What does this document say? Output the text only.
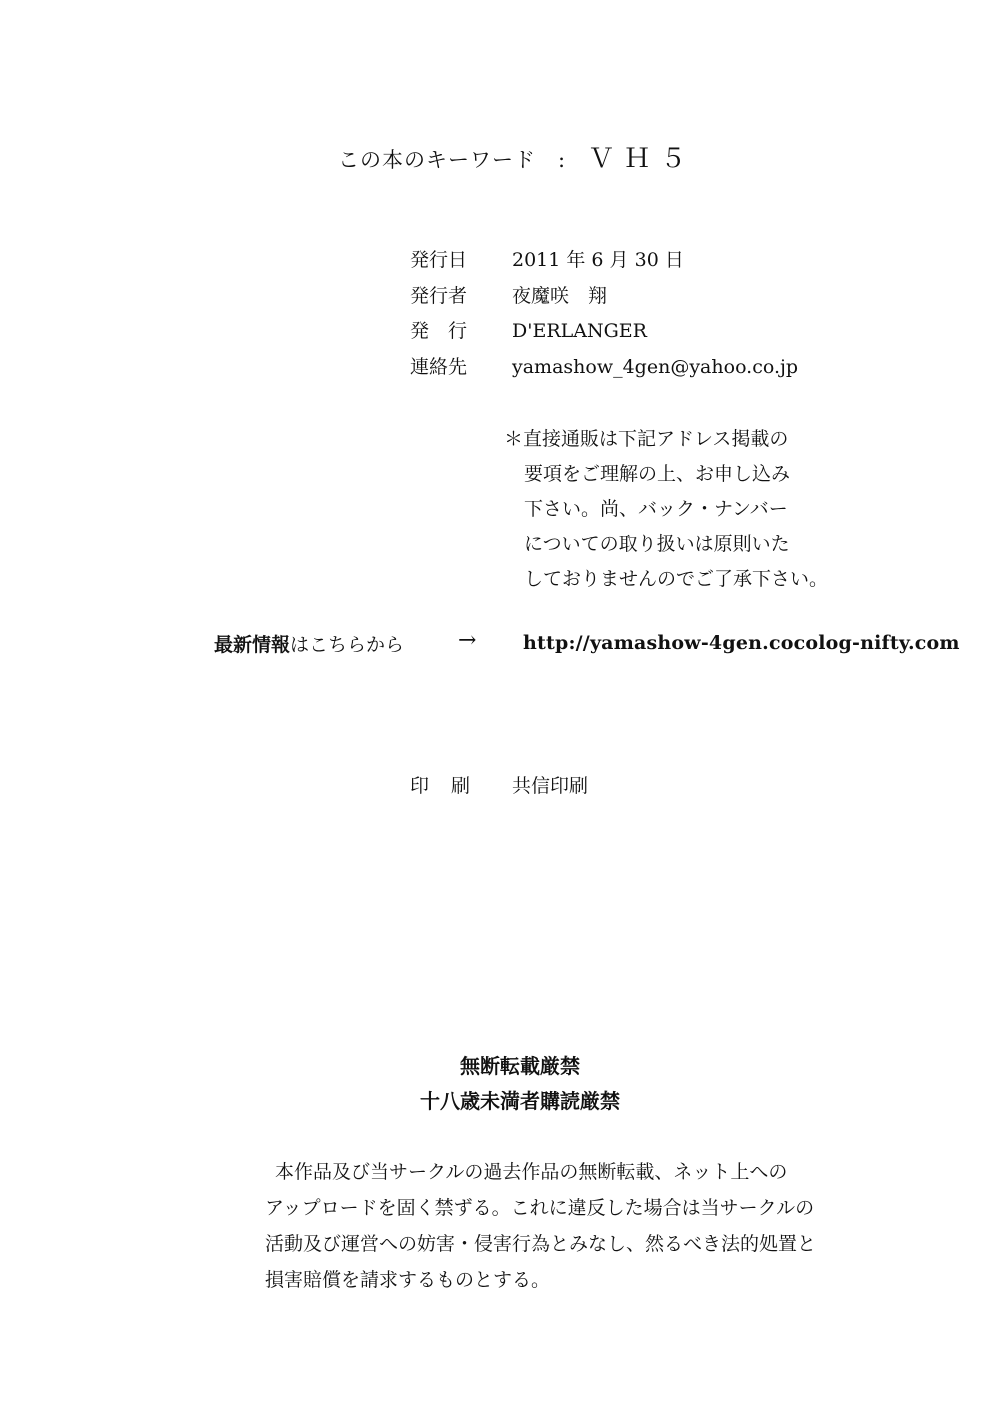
この本のキーワード : ＶＨ５
発行日	2011 年 6 月 30 日
発行者	夜魔咲　翔
発　行	D'ERLANGER
連絡先	yamashow_4gen@yahoo.co.jp
＊直接通販は下記アドレス掲載の
要項をご理解の上、お申し込み
下さい。尚、バック・ナンバー
についての取り扱いは原則いた
しておりませんのでご了承下さい。
最新情報はこちらから → http://yamashow-4gen.cocolog-nifty.com
印刷	共信印刷
無断転載厳禁
十八歳未満者購読厳禁
本作品及び当サークルの過去作品の無断転載、ネット上への
アップロードを固く禁ずる。これに違反した場合は当サークルの
活動及び運営への妨害・侵害行為とみなし、然るべき法的処置と
損害賠償を請求するものとする。
